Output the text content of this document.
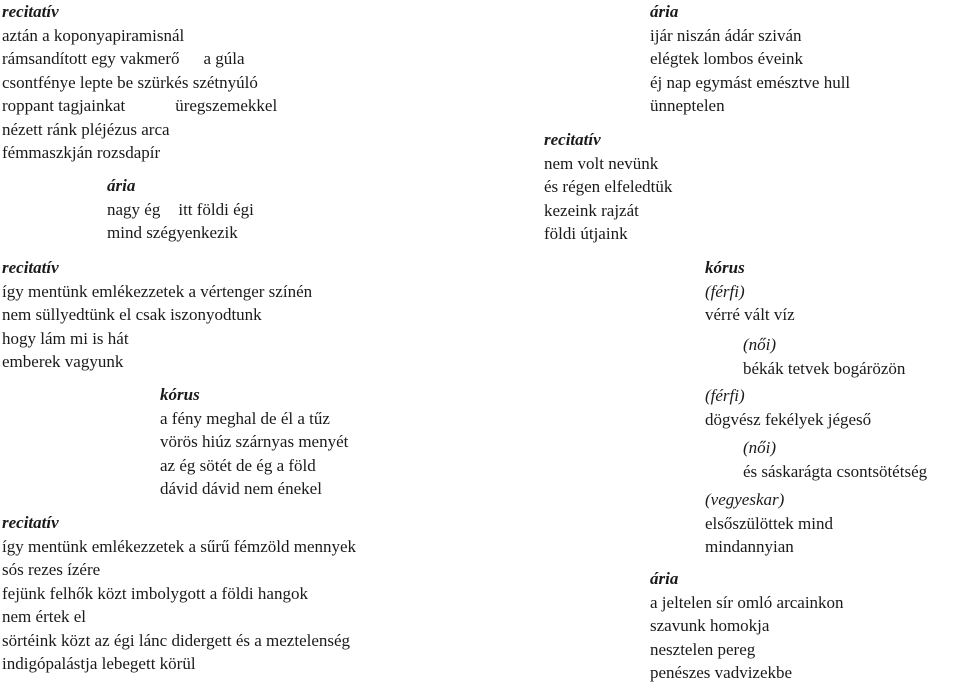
recitatív
aztán a koponyapiramisnál
rámsandított egy vakmerő a gúla
csontfénye lepte be szürkés szétnyúló
roppant tagjainkat	üregszemekkel
nézett ránk pléjézus arca
fémmaszkján rozsdapír
ária
nagy ég itt földi égi
mind szégyenkezik
recitatív
így mentünk emlékezzetek a vértenger színén
nem süllyedtünk el csak iszonyodtunk
hogy lám mi is hát
emberek vagyunk
kórus
a fény meghal de él a tűz
vörös hiúz szárnyas menyét
az ég sötét de ég a föld
dávid dávid nem énekel
recitatív
így mentünk emlékezzetek a sűrű fémzöld mennyek
sós rezes ízére
fejünk felhők közt imbolygott a földi hangok
nem értek el
sörtéink közt az égi lánc didergett és a meztelenség
indigópalástja lebegett körül
ária
ijár niszán ádár sziván
elégtek lombos éveink
éj nap egymást emésztve hull
ünneptelen
recitatív
nem volt nevünk
és régen elfeledtük
kezeink rajzát
földi útjaink
kórus
(férfi)
vérré vált víz
(női)
békák tetvek bogárözön
(férfi)
dögvész fekélyek jégeső
(női)
és sáskarágta csontsötétség
(vegyeskar)
elsőszülöttek mind
mindannyian
ária
a jeltelen sír omló arcainkon
szavunk homokja
nesztelen pereg
penészes vadvizekbe
